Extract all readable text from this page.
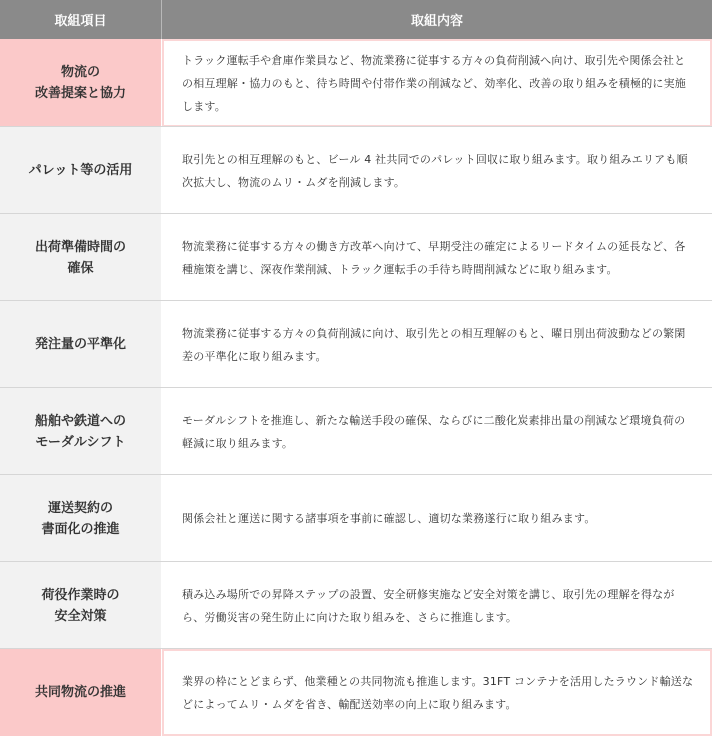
取組項目	取組内容
物流の
改善提案と協力
トラック運転手や倉庫作業員など、物流業務に従事する方々の負荷削減へ向け、取引先や関係会社との相互理解・協力のもと、待ち時間や付帯作業の削減など、効率化、改善の取り組みを積極的に実施します。
パレット等の活用
取引先との相互理解のもと、ビール 4 社共同でのパレット回収に取り組みます。取り組みエリアも順次拡大し、物流のムリ・ムダを削減します。
出荷準備時間の
確保
物流業務に従事する方々の働き方改革へ向けて、早期受注の確定によるリードタイムの延長など、各種施策を講じ、深夜作業削減、トラック運転手の手待ち時間削減などに取り組みます。
発注量の平準化
物流業務に従事する方々の負荷削減に向け、取引先との相互理解のもと、曜日別出荷波動などの繁閑差の平準化に取り組みます。
船舶や鉄道への
モーダルシフト
モーダルシフトを推進し、新たな輸送手段の確保、ならびに二酸化炭素排出量の削減など環境負荷の軽減に取り組みます。
運送契約の
書面化の推進
関係会社と運送に関する諸事項を事前に確認し、適切な業務遂行に取り組みます。
荷役作業時の
安全対策
積み込み場所での昇降ステップの設置、安全研修実施など安全対策を講じ、取引先の理解を得ながら、労働災害の発生防止に向けた取り組みを、さらに推進します。
共同物流の推進
業界の枠にとどまらず、他業種との共同物流も推進します。31FT コンテナを活用したラウンド輸送などによってムリ・ムダを省き、輸配送効率の向上に取り組みます。
